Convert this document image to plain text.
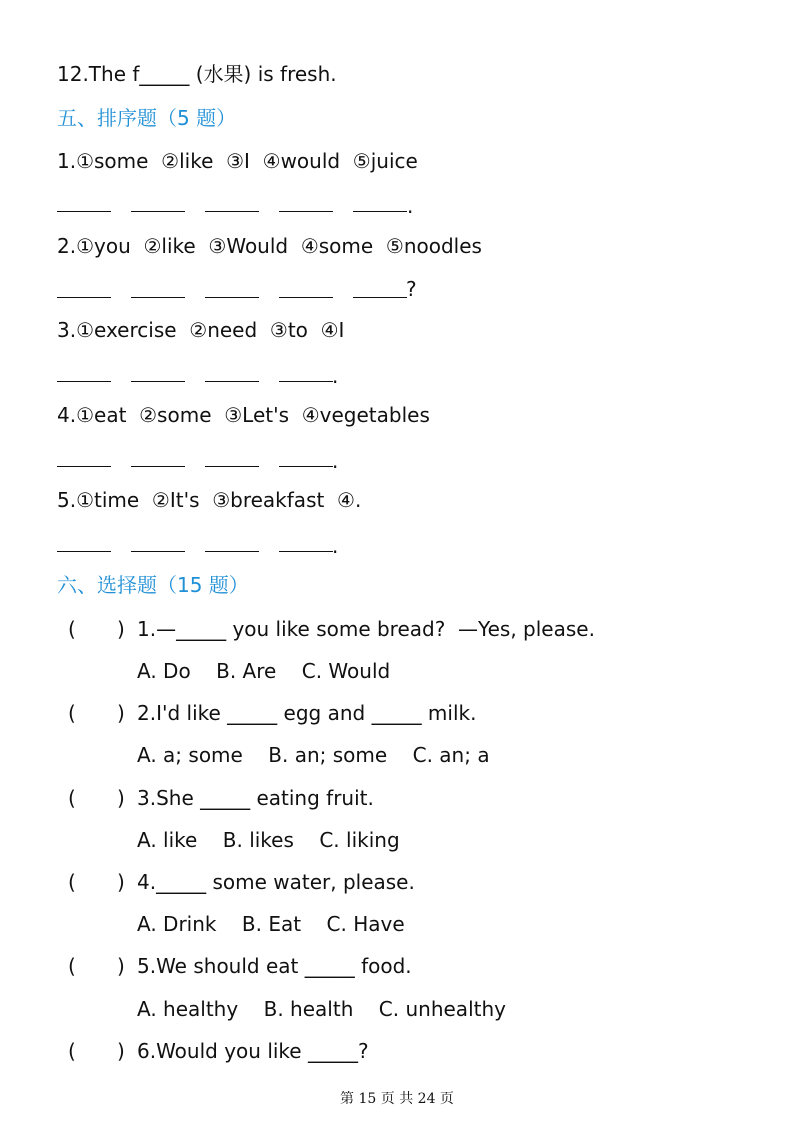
12.The f_____ (水果) is fresh.
五、排序题（5 题）
1.①some  ②like  ③I  ④would  ⑤juice
.
2.①you  ②like  ③Would  ④some  ⑤noodles
?
3.①exercise  ②need  ③to  ④I
.
4.①eat  ②some  ③Let's  ④vegetables
.
5.①time  ②It's  ③breakfast  ④.
.
六、选择题（15 题）
( ) 1.—_____ you like some bread?  —Yes, please.
A. Do    B. Are    C. Would
( ) 2.I'd like _____ egg and _____ milk.
A. a; some    B. an; some    C. an; a
( ) 3.She _____ eating fruit.
A. like    B. likes    C. liking
( ) 4._____ some water, please.
A. Drink    B. Eat    C. Have
( ) 5.We should eat _____ food.
A. healthy    B. health    C. unhealthy
( ) 6.Would you like _____?
第 15 页 共 24 页
